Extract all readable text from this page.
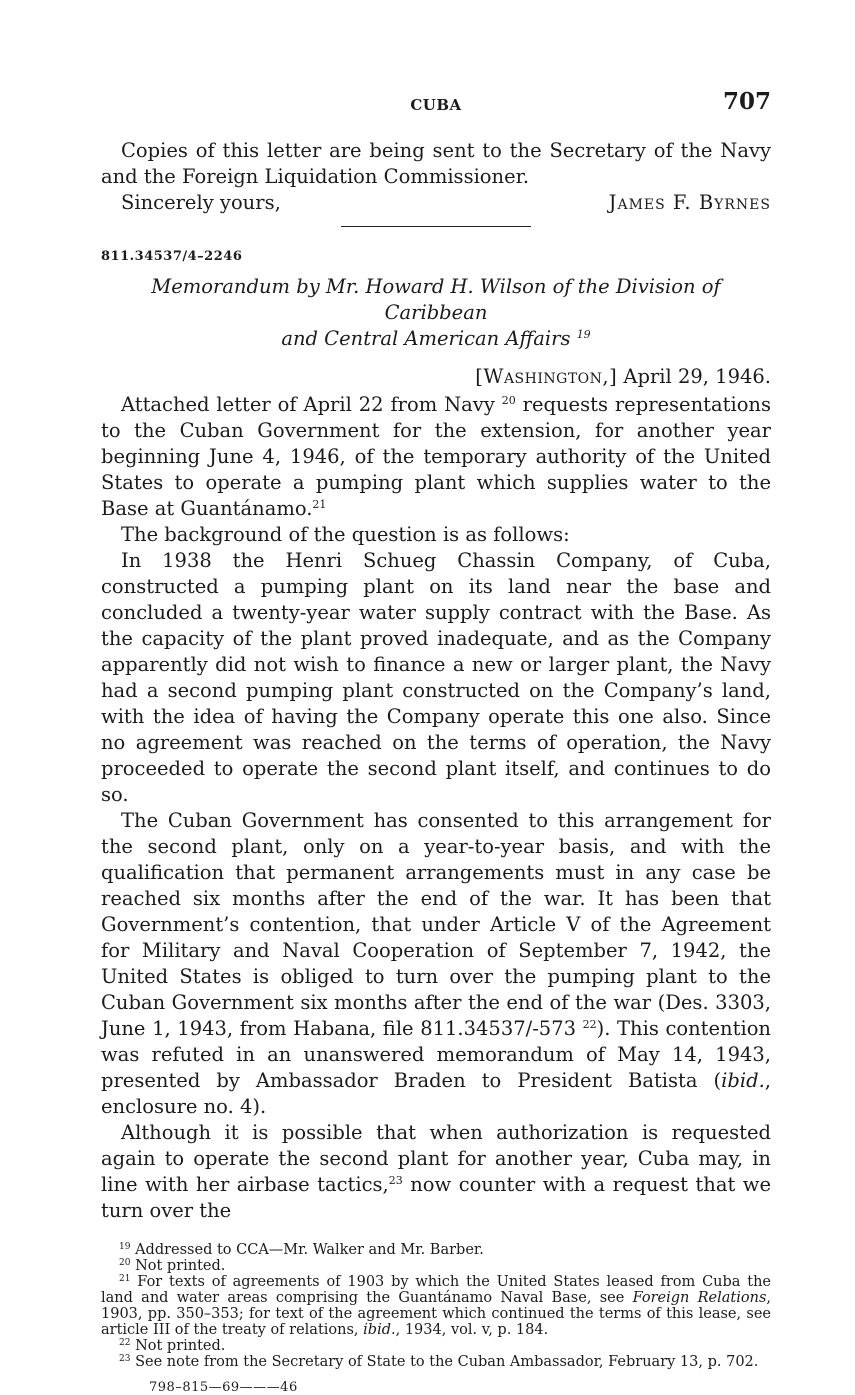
CUBA	707

Copies of this letter are being sent to the Secretary of the Navy and the Foreign Liquidation Commissioner.

Sincerely yours,	James F. Byrnes
811.34537/4–2246
Memorandum by Mr. Howard H. Wilson of the Division of Caribbean
and Central American Affairs $^{19}$
[Washington,] April 29, 1946.

Attached letter of April 22 from Navy $^{20}$ requests representations to the Cuban Government for the extension, for another year beginning June 4, 1946, of the temporary authority of the United States to operate a pumping plant which supplies water to the Base at Guantánamo.$^{21}$

The background of the question is as follows:

In 1938 the Henri Schueg Chassin Company, of Cuba, constructed a pumping plant on its land near the base and concluded a twenty-year water supply contract with the Base. As the capacity of the plant proved inadequate, and as the Company apparently did not wish to finance a new or larger plant, the Navy had a second pumping plant constructed on the Company’s land, with the idea of having the Company operate this one also. Since no agreement was reached on the terms of operation, the Navy proceeded to operate the second plant itself, and continues to do so.

The Cuban Government has consented to this arrangement for the second plant, only on a year-to-year basis, and with the qualification that permanent arrangements must in any case be reached six months after the end of the war. It has been that Government’s contention, that under Article V of the Agreement for Military and Naval Cooperation of September 7, 1942, the United States is obliged to turn over the pumping plant to the Cuban Government six months after the end of the war (Des. 3303, June 1, 1943, from Habana, file 811.34537/-573 $^{22}$). This contention was refuted in an unanswered memorandum of May 14, 1943, presented by Ambassador Braden to President Batista (ibid., enclosure no. 4).

Although it is possible that when authorization is requested again to operate the second plant for another year, Cuba may, in line with her airbase tactics,$^{23}$ now counter with a request that we turn over the

$^{19}$ Addressed to CCA—Mr. Walker and Mr. Barber.

$^{20}$ Not printed.

$^{21}$ For texts of agreements of 1903 by which the United States leased from Cuba the land and water areas comprising the Guantánamo Naval Base, see Foreign Relations, 1903, pp. 350–353; for text of the agreement which continued the terms of this lease, see article III of the treaty of relations, ibid., 1934, vol. v, p. 184.

$^{22}$ Not printed.

$^{23}$ See note from the Secretary of State to the Cuban Ambassador, February 13, p. 702.

798–815—69———46
